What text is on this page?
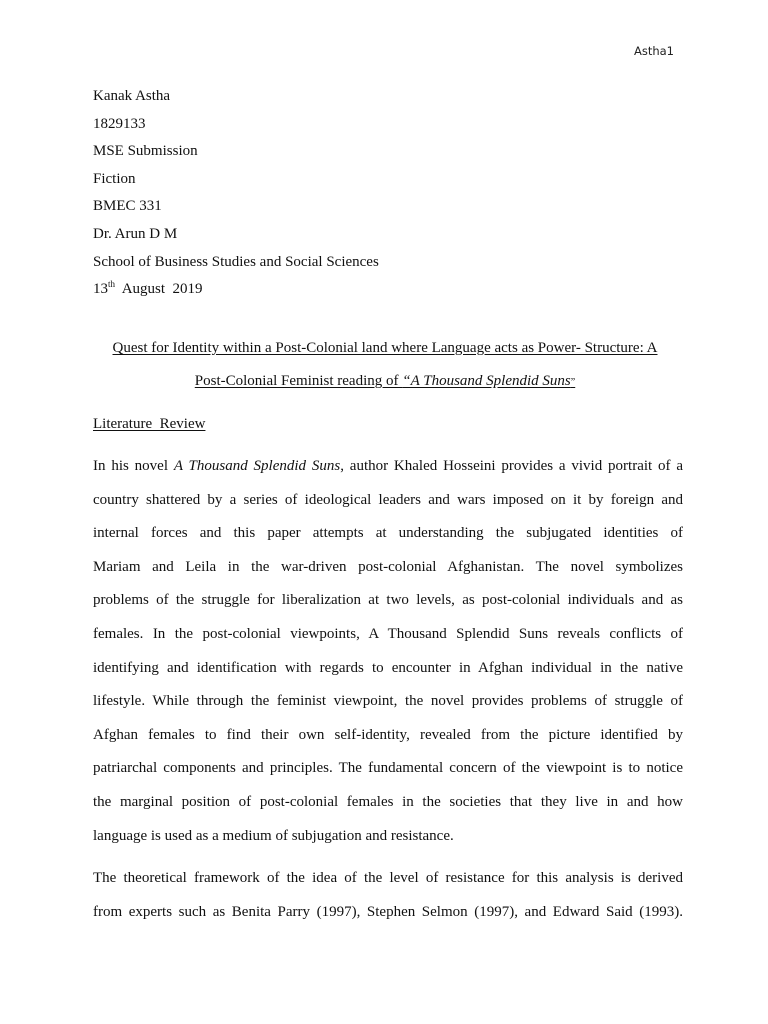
Astha1
Kanak Astha
1829133
MSE Submission
Fiction
BMEC 331
Dr. Arun D M
School of Business Studies and Social Sciences
13th  August  2019
Quest for Identity within a Post-Colonial land where Language acts as Power- Structure: A
Post-Colonial Feminist reading of “A Thousand Splendid Suns”
Literature  Review
In his novel A Thousand Splendid Suns, author Khaled Hosseini provides a vivid portrait of a
country shattered by a series of ideological leaders and wars imposed on it by foreign and
internal forces and this paper attempts at understanding the subjugated identities of
Mariam and Leila in the war-driven post-colonial Afghanistan. The novel symbolizes
problems of the struggle for liberalization at two levels, as post-colonial individuals and as
females. In the post-colonial viewpoints, A Thousand Splendid Suns reveals conflicts of
identifying and identification with regards to encounter in Afghan individual in the native
lifestyle. While through the feminist viewpoint, the novel provides problems of struggle of
Afghan females to find their own self-identity, revealed from the picture identified by
patriarchal components and principles. The fundamental concern of the viewpoint is to notice
the marginal position of post-colonial females in the societies that they live in and how
language is used as a medium of subjugation and resistance.
The theoretical framework of the idea of the level of resistance for this analysis is derived
from experts such as Benita Parry (1997), Stephen Selmon (1997), and Edward Said (1993).
